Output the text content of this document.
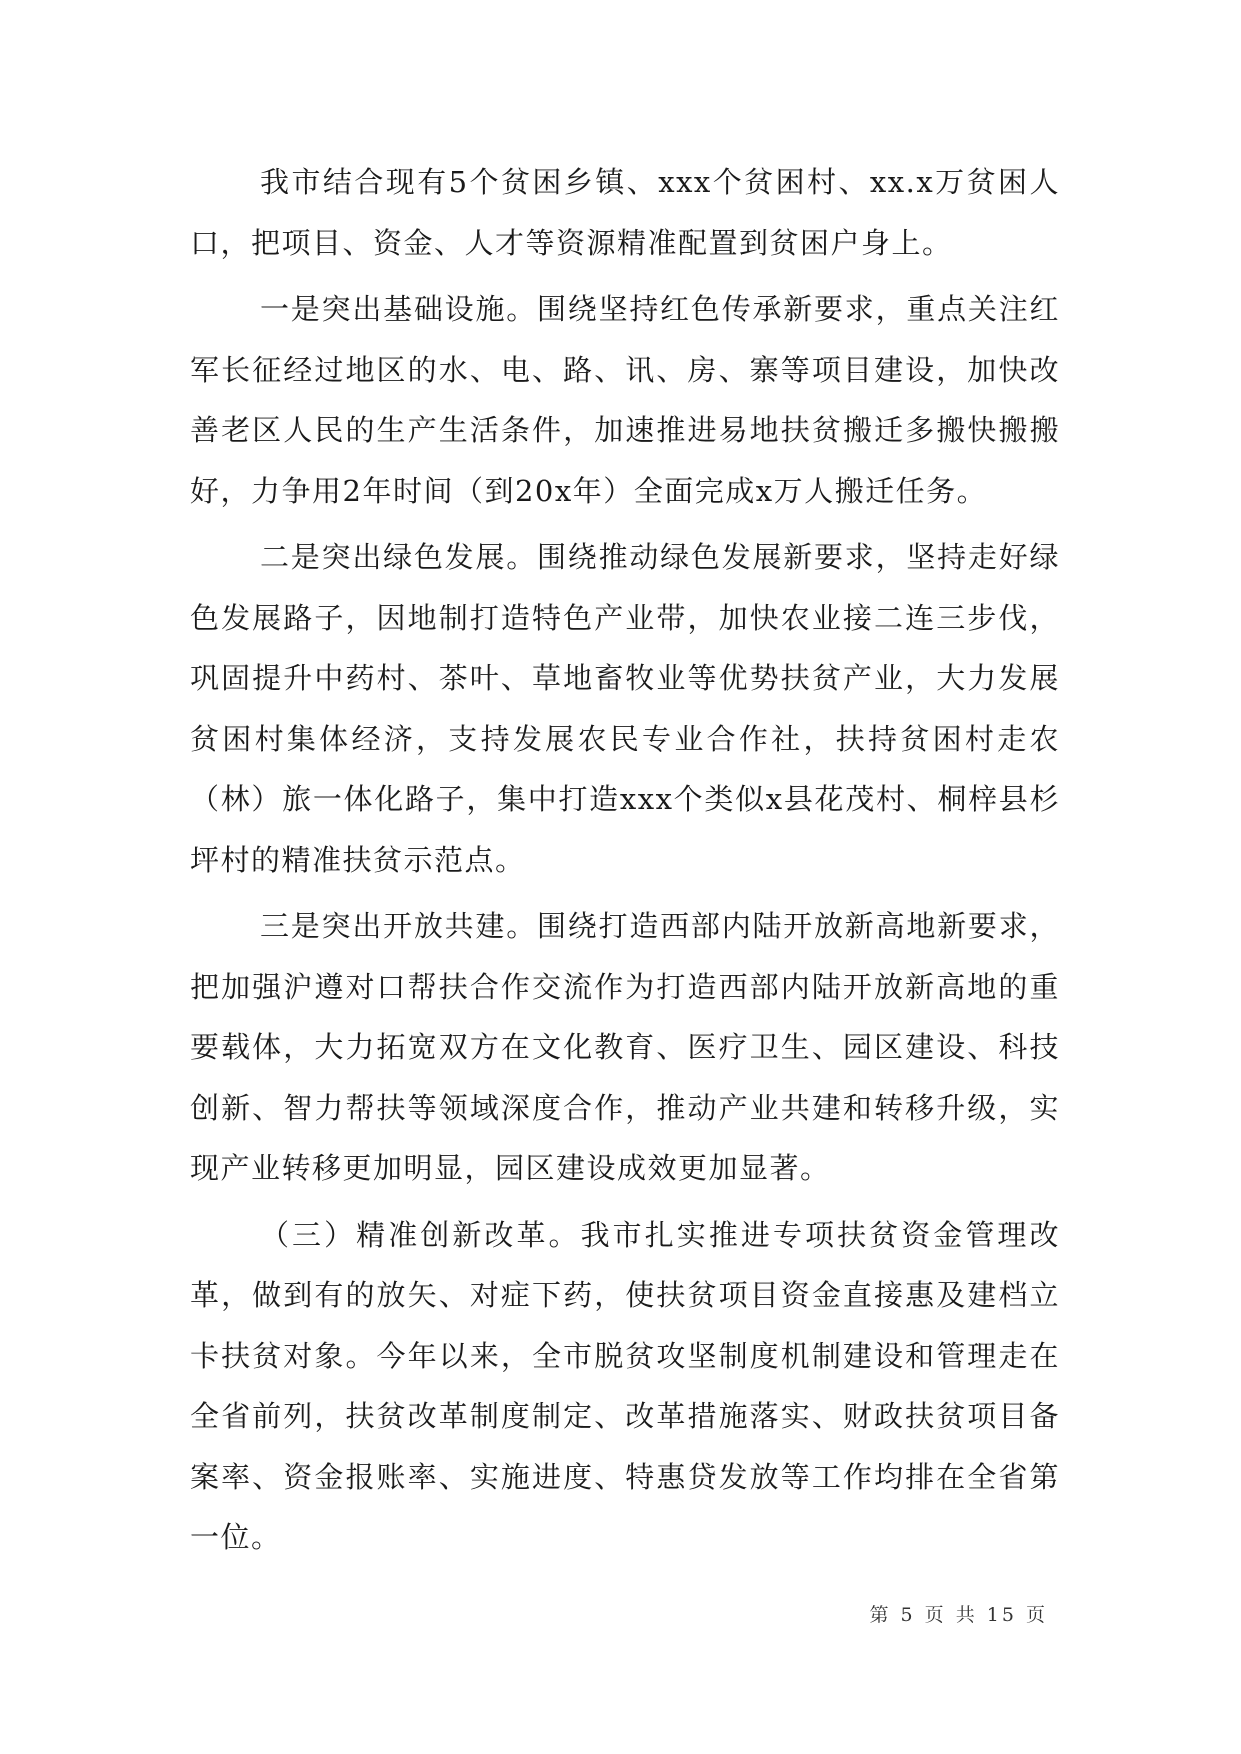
我市结合现有5个贫困乡镇、xxx个贫困村、xx.x万贫困人口，把项目、资金、人才等资源精准配置到贫困户身上。

一是突出基础设施。围绕坚持红色传承新要求，重点关注红军长征经过地区的水、电、路、讯、房、寨等项目建设，加快改善老区人民的生产生活条件，加速推进易地扶贫搬迁多搬快搬搬好，力争用2年时间（到20x年）全面完成x万人搬迁任务。

二是突出绿色发展。围绕推动绿色发展新要求，坚持走好绿色发展路子，因地制打造特色产业带，加快农业接二连三步伐，巩固提升中药村、茶叶、草地畜牧业等优势扶贫产业，大力发展贫困村集体经济，支持发展农民专业合作社，扶持贫困村走农（林）旅一体化路子，集中打造xxx个类似x县花茂村、桐梓县杉坪村的精准扶贫示范点。

三是突出开放共建。围绕打造西部内陆开放新高地新要求，把加强沪遵对口帮扶合作交流作为打造西部内陆开放新高地的重要载体，大力拓宽双方在文化教育、医疗卫生、园区建设、科技创新、智力帮扶等领域深度合作，推动产业共建和转移升级，实现产业转移更加明显，园区建设成效更加显著。

（三）精准创新改革。我市扎实推进专项扶贫资金管理改革，做到有的放矢、对症下药，使扶贫项目资金直接惠及建档立卡扶贫对象。今年以来，全市脱贫攻坚制度机制建设和管理走在全省前列，扶贫改革制度制定、改革措施落实、财政扶贫项目备案率、资金报账率、实施进度、特惠贷发放等工作均排在全省第一位。

第 5 页 共 15 页
